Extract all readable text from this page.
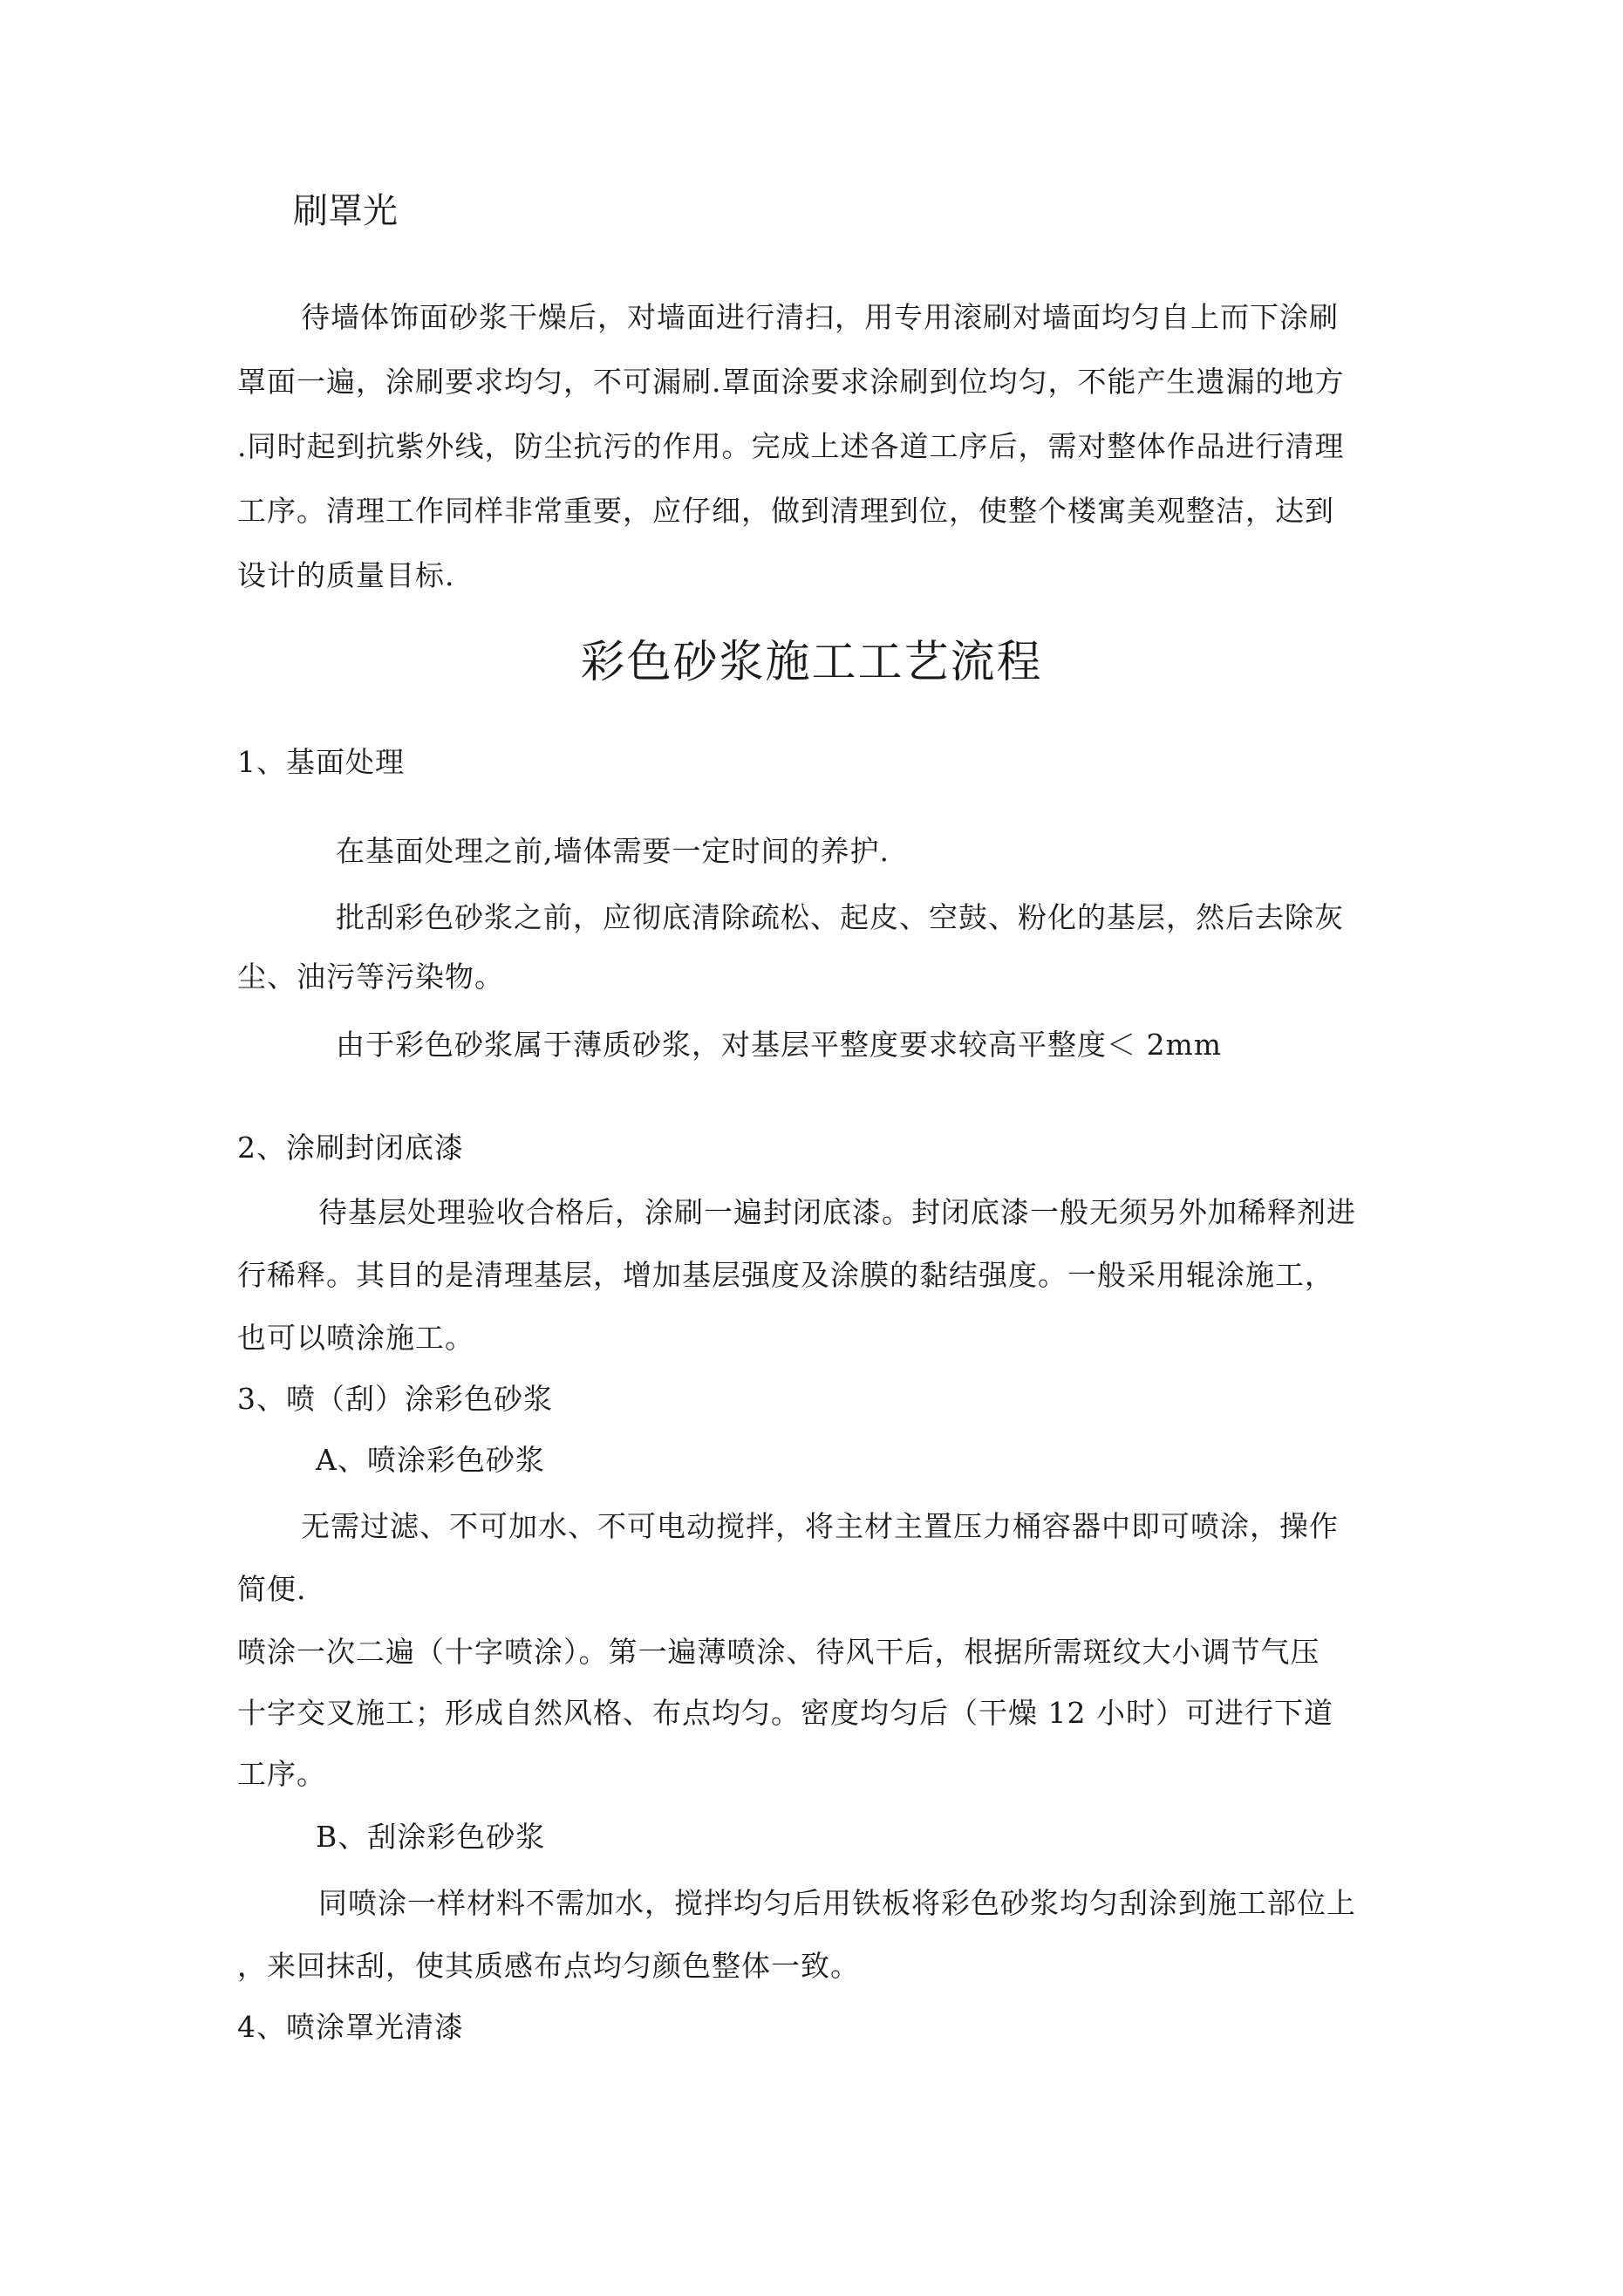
刷罩光
待墙体饰面砂浆干燥后，对墙面进行清扫，用专用滚刷对墙面均匀自上而下涂刷
罩面一遍，涂刷要求均匀，不可漏刷.罩面涂要求涂刷到位均匀，不能产生遗漏的地方
.同时起到抗紫外线，防尘抗污的作用。完成上述各道工序后，需对整体作品进行清理
工序。清理工作同样非常重要，应仔细，做到清理到位，使整个楼寓美观整洁，达到
设计的质量目标.
彩色砂浆施工工艺流程
1、基面处理
在基面处理之前,墙体需要一定时间的养护.
批刮彩色砂浆之前，应彻底清除疏松、起皮、空鼓、粉化的基层，然后去除灰
尘、油污等污染物。
由于彩色砂浆属于薄质砂浆，对基层平整度要求较高平整度＜ 2mm
2、涂刷封闭底漆
待基层处理验收合格后，涂刷一遍封闭底漆。封闭底漆一般无须另外加稀释剂进
行稀释。其目的是清理基层，增加基层强度及涂膜的黏结强度。一般采用辊涂施工，
也可以喷涂施工。
3、喷（刮）涂彩色砂浆
A、喷涂彩色砂浆
无需过滤、不可加水、不可电动搅拌，将主材主置压力桶容器中即可喷涂，操作
简便.
喷涂一次二遍（十字喷涂）。第一遍薄喷涂、待风干后，根据所需斑纹大小调节气压
十字交叉施工；形成自然风格、布点均匀。密度均匀后（干燥 12 小时）可进行下道
工序。
B、刮涂彩色砂浆
同喷涂一样材料不需加水，搅拌均匀后用铁板将彩色砂浆均匀刮涂到施工部位上
，来回抹刮，使其质感布点均匀颜色整体一致。
4、喷涂罩光清漆
